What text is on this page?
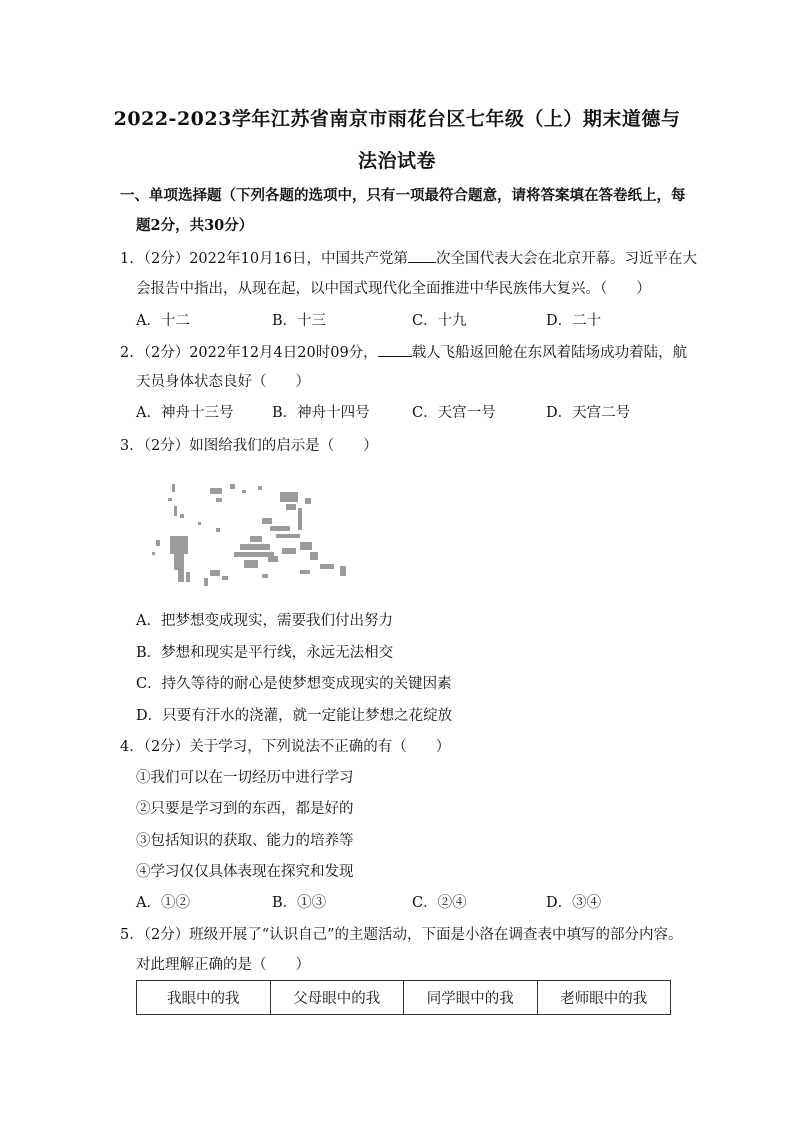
2022-2023学年江苏省南京市雨花台区七年级（上）期末道德与
法治试卷
一、单项选择题（下列各题的选项中，只有一项最符合题意，请将答案填在答卷纸上，每
题2分，共30分）
1．（2分）2022年10月16日，中国共产党第 次全国代表大会在北京开幕。习近平在大
会报告中指出，从现在起，以中国式现代化全面推进中华民族伟大复兴。（　　）
A．十二	B．十三	C．十九	D．二十
2．（2分）2022年12月4日20时09分， 载人飞船返回舱在东风着陆场成功着陆，航
天员身体状态良好（　　）
A．神舟十三号	B．神舟十四号	C．天宫一号	D．天宫二号
3．（2分）如图给我们的启示是（　　）
A．把梦想变成现实，需要我们付出努力
B．梦想和现实是平行线，永远无法相交
C．持久等待的耐心是使梦想变成现实的关键因素
D．只要有汗水的浇灌，就一定能让梦想之花绽放
4．（2分）关于学习，下列说法不正确的有（　　）
①我们可以在一切经历中进行学习
②只要是学习到的东西，都是好的
③包括知识的获取、能力的培养等
④学习仅仅具体表现在探究和发现
A．①②	B．①③	C．②④	D．③④
5．（2分）班级开展了“认识自己”的主题活动，下面是小洛在调查表中填写的部分内容。
对此理解正确的是（　　）
我眼中的我	父母眼中的我	同学眼中的我	老师眼中的我
